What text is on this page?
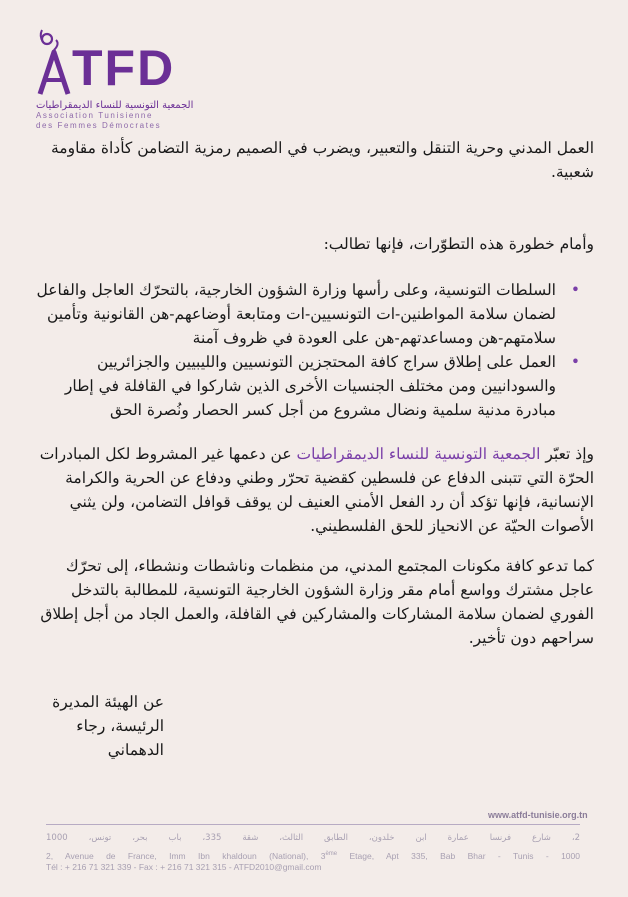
TFD
الجمعية التونسية للنساء الديمقراطيات
Association Tunisienne
des Femmes Démocrates

العمل المدني وحرية التنقل والتعبير، ويضرب في الصميم رمزية التضامن كأداة مقاومة شعبية.

وأمام خطورة هذه التطوّرات، فإنها تطالب:

• السلطات التونسية، وعلى رأسها وزارة الشؤون الخارجية، بالتحرّك العاجل والفاعل لضمان سلامة المواطنين-ات التونسيين-ات ومتابعة أوضاعهم-هن القانونية وتأمين سلامتهم-هن ومساعدتهم-هن على العودة في ظروف آمنة
• العمل على إطلاق سراج كافة المحتجزين التونسيين والليبيين والجزائريين والسودانيين ومن مختلف الجنسيات الأخرى الذين شاركوا في القافلة في إطار مبادرة مدنية سلمية ونضال مشروع من أجل كسر الحصار ونُصرة الحق

وإذ تعبّر الجمعية التونسية للنساء الديمقراطيات عن دعمها غير المشروط لكل المبادرات الحرّة التي تتبنى الدفاع عن فلسطين كقضية تحرّر وطني ودفاع عن الحرية والكرامة الإنسانية، فإنها تؤكد أن رد الفعل الأمني العنيف لن يوقف قوافل التضامن، ولن يثني الأصوات الحيّة عن الانحياز للحق الفلسطيني.

كما تدعو كافة مكونات المجتمع المدني، من منظمات وناشطات ونشطاء، إلى تحرّك عاجل مشترك وواسع أمام مقر وزارة الشؤون الخارجية التونسية، للمطالبة بالتدخل الفوري لضمان سلامة المشاركات والمشاركين في القافلة، والعمل الجاد من أجل إطلاق سراحهم دون تأخير.

عن الهيئة المديرة
الرئيسة، رجاء الدهماني
www.atfd-tunisie.org.tn
2، شارع فرنسا عمارة ابن خلدون، الطابق الثالث، شقة 335، باب بحر، تونس، 1000
2, Avenue de France, Imm Ibn khaldoun (National), 3ème Etage, Apt 335, Bab Bhar - Tunis - 1000
Tél : + 216 71 321 339 - Fax : + 216 71 321 315 - ATFD2010@gmail.com
